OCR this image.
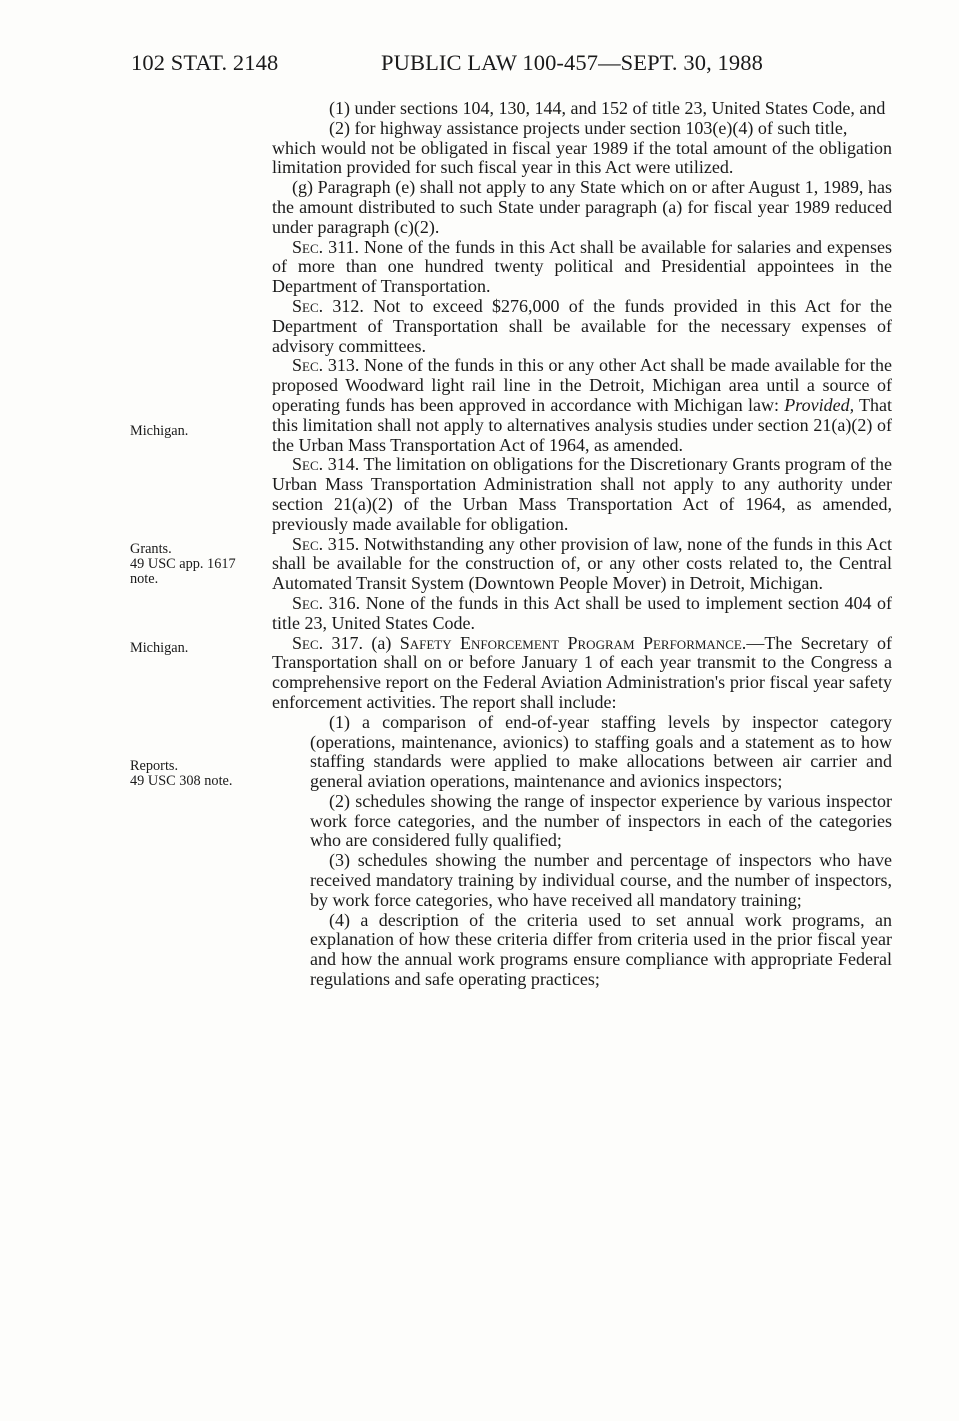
102 STAT. 2148	PUBLIC LAW 100-457—SEPT. 30, 1988
Michigan.
Grants.
49 USC app. 1617
note.
Michigan.
Reports.
49 USC 308 note.

(1) under sections 104, 130, 144, and 152 of title 23, United States Code, and

(2) for highway assistance projects under section 103(e)(4) of such title,

which would not be obligated in fiscal year 1989 if the total amount of the obligation limitation provided for such fiscal year in this Act were utilized.

(g) Paragraph (e) shall not apply to any State which on or after August 1, 1989, has the amount distributed to such State under paragraph (a) for fiscal year 1989 reduced under paragraph (c)(2).

Sec. 311. None of the funds in this Act shall be available for salaries and expenses of more than one hundred twenty political and Presidential appointees in the Department of Transportation.

Sec. 312. Not to exceed $276,000 of the funds provided in this Act for the Department of Transportation shall be available for the necessary expenses of advisory committees.

Sec. 313. None of the funds in this or any other Act shall be made available for the proposed Woodward light rail line in the Detroit, Michigan area until a source of operating funds has been approved in accordance with Michigan law: Provided, That this limitation shall not apply to alternatives analysis studies under section 21(a)(2) of the Urban Mass Transportation Act of 1964, as amended.

Sec. 314. The limitation on obligations for the Discretionary Grants program of the Urban Mass Transportation Administration shall not apply to any authority under section 21(a)(2) of the Urban Mass Transportation Act of 1964, as amended, previously made available for obligation.

Sec. 315. Notwithstanding any other provision of law, none of the funds in this Act shall be available for the construction of, or any other costs related to, the Central Automated Transit System (Downtown People Mover) in Detroit, Michigan.

Sec. 316. None of the funds in this Act shall be used to implement section 404 of title 23, United States Code.

Sec. 317. (a) Safety Enforcement Program Performance.—The Secretary of Transportation shall on or before January 1 of each year transmit to the Congress a comprehensive report on the Federal Aviation Administration's prior fiscal year safety enforcement activities. The report shall include:

(1) a comparison of end-of-year staffing levels by inspector category (operations, maintenance, avionics) to staffing goals and a statement as to how staffing standards were applied to make allocations between air carrier and general aviation operations, maintenance and avionics inspectors;

(2) schedules showing the range of inspector experience by various inspector work force categories, and the number of inspectors in each of the categories who are considered fully qualified;

(3) schedules showing the number and percentage of inspectors who have received mandatory training by individual course, and the number of inspectors, by work force categories, who have received all mandatory training;

(4) a description of the criteria used to set annual work programs, an explanation of how these criteria differ from criteria used in the prior fiscal year and how the annual work programs ensure compliance with appropriate Federal regulations and safe operating practices;
